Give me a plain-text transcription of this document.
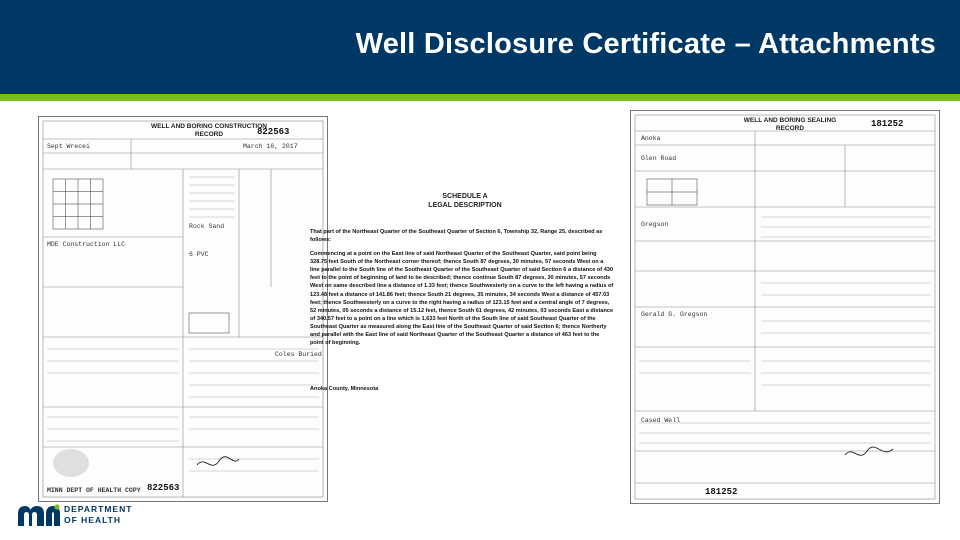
Well Disclosure Certificate – Attachments
WELL AND BORING CONSTRUCTION RECORD	822563
Sept Wrecei
MDE Construction LLC
Rock Sand
March 16, 2017
6 PVC
Coles Buried
MINN DEPT OF HEALTH COPY 822563
SCHEDULE A
LEGAL DESCRIPTION
That part of the Northeast Quarter of the Southeast Quarter of Section 6, Township 32, Range 25, described as follows:
Commencing at a point on the East line of said Northeast Quarter of the Southeast Quarter, said point being 328.75 feet South of the Northeast corner thereof; thence South 87 degrees, 30 minutes, 57 seconds West on a line parallel to the South line of the Southeast Quarter of the Southeast Quarter of said Section 6 a distance of 430 feet to the point of beginning of land to be described; thence continue South 87 degrees, 30 minutes, 57 seconds West on same described line a distance of 1.33 feet; thence Southwesterly on a curve to the left having a radius of 123.48 feet a distance of 141.86 feet; thence South 21 degrees, 35 minutes, 34 seconds West a distance of 457.03 feet; thence Southwesterly on a curve to the right having a radius of 123.15 feet and a central angle of 7 degrees, 52 minutes, 05 seconds a distance of 15.12 feet, thence South 61 degrees, 42 minutes, 03 seconds East a distance of 340.57 feet to a point on a line which is 1,633 feet North of the South line of said Southeast Quarter of the Southeast Quarter as measured along the East line of the Southeast Quarter of said Section 6; thence Northerly and parallel with the East line of said Northeast Quarter of the Southeast Quarter a distance of 463 feet to the point of beginning.
Anoka County, Minnesota
WELL AND BORING SEALING RECORD	181252
Anoka
Glen Road
Gregson
Gerald G. Gregson
Cased Well
181252
DEPARTMENT
OF HEALTH
